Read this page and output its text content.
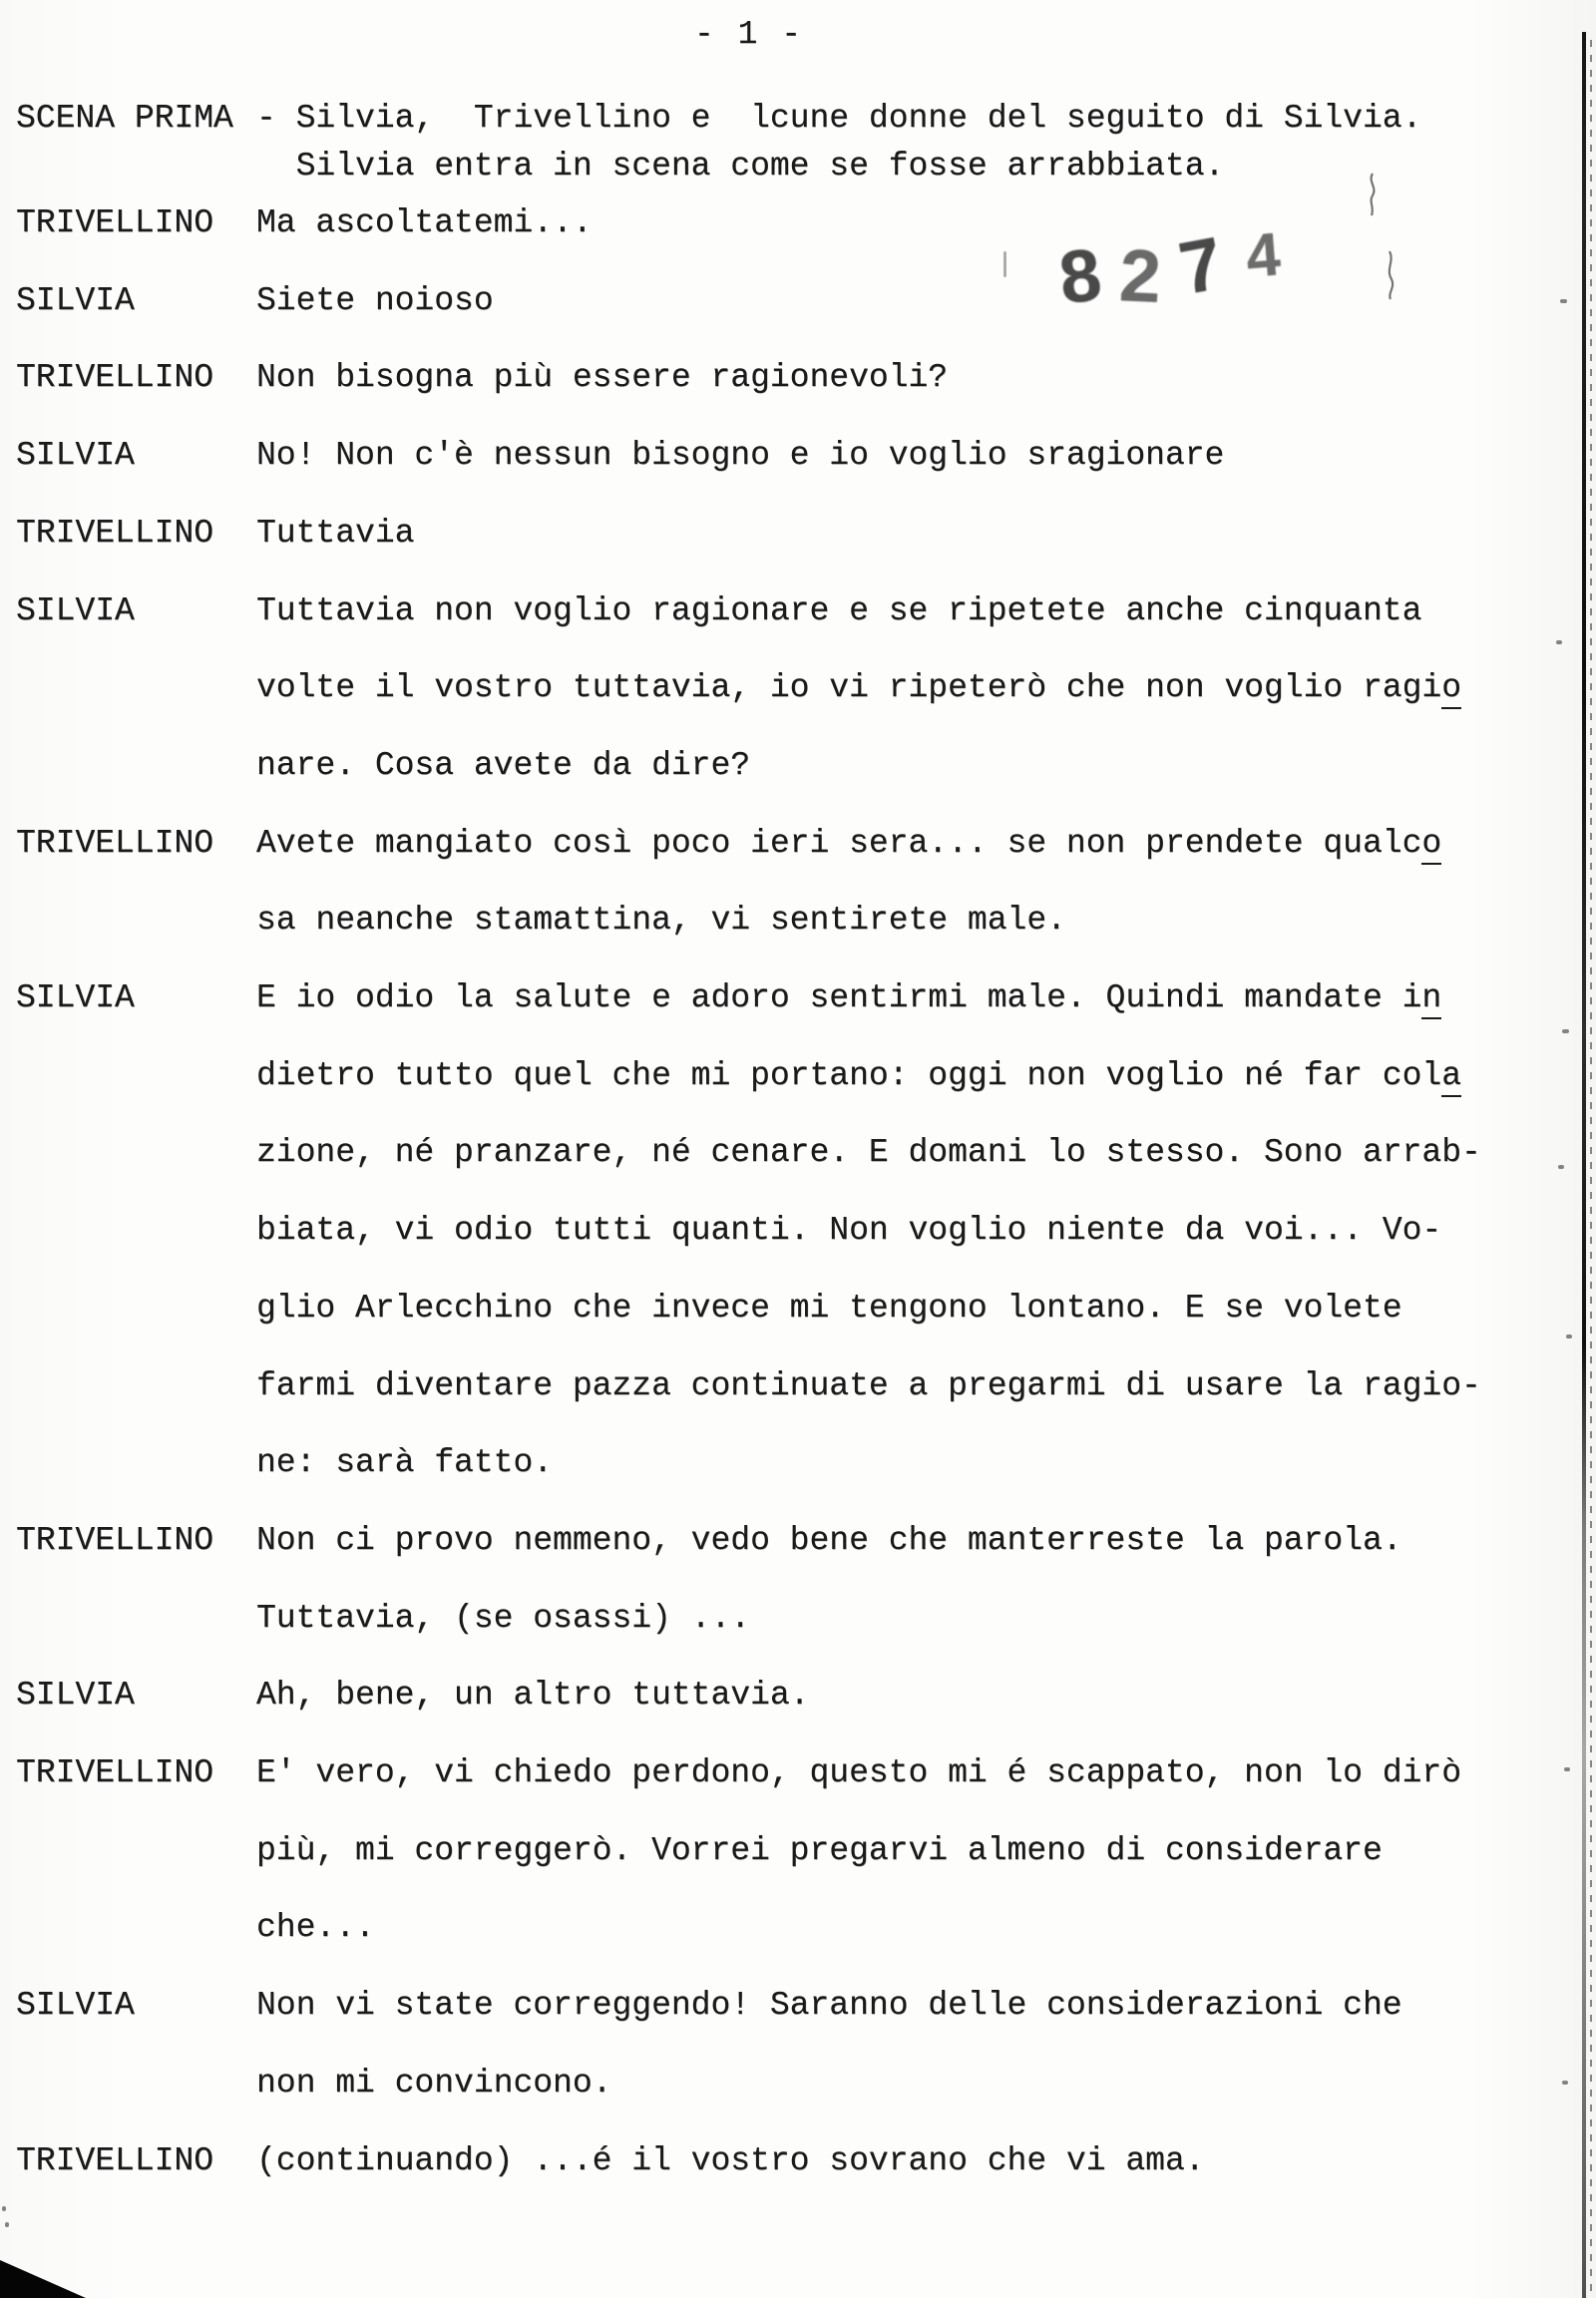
- 1 -
SCENA PRIMA - Silvia,  Trivellino e  lcune donne del seguito di Silvia.
Silvia entra in scena come se fosse arrabbiata.
TRIVELLINO Ma ascoltatemi...
SILVIA	Siete noioso
TRIVELLINO Non bisogna più essere ragionevoli?
SILVIA	No! Non c'è nessun bisogno e io voglio sragionare
TRIVELLINO Tuttavia
SILVIA	Tuttavia non voglio ragionare e se ripetete anche cinquanta
volte il vostro tuttavia, io vi ripeterò che non voglio ragio
nare. Cosa avete da dire?
TRIVELLINO Avete mangiato così poco ieri sera... se non prendete qualco
sa neanche stamattina, vi sentirete male.
SILVIA	E io odio la salute e adoro sentirmi male. Quindi mandate in
dietro tutto quel che mi portano: oggi non voglio né far cola
zione, né pranzare, né cenare. E domani lo stesso. Sono arrab-
biata, vi odio tutti quanti. Non voglio niente da voi... Vo-
glio Arlecchino che invece mi tengono lontano. E se volete
farmi diventare pazza continuate a pregarmi di usare la ragio-
ne: sarà fatto.
TRIVELLINO Non ci provo nemmeno, vedo bene che manterreste la parola.
Tuttavia, (se osassi) ...
SILVIA	Ah, bene, un altro tuttavia.
TRIVELLINO E' vero, vi chiedo perdono, questo mi é scappato, non lo dirò
più, mi correggerò. Vorrei pregarvi almeno di considerare
che...
SILVIA	Non vi state correggendo! Saranno delle considerazioni che
non mi convincono.
TRIVELLINO (continuando) ...é il vostro sovrano che vi ama.
8274
